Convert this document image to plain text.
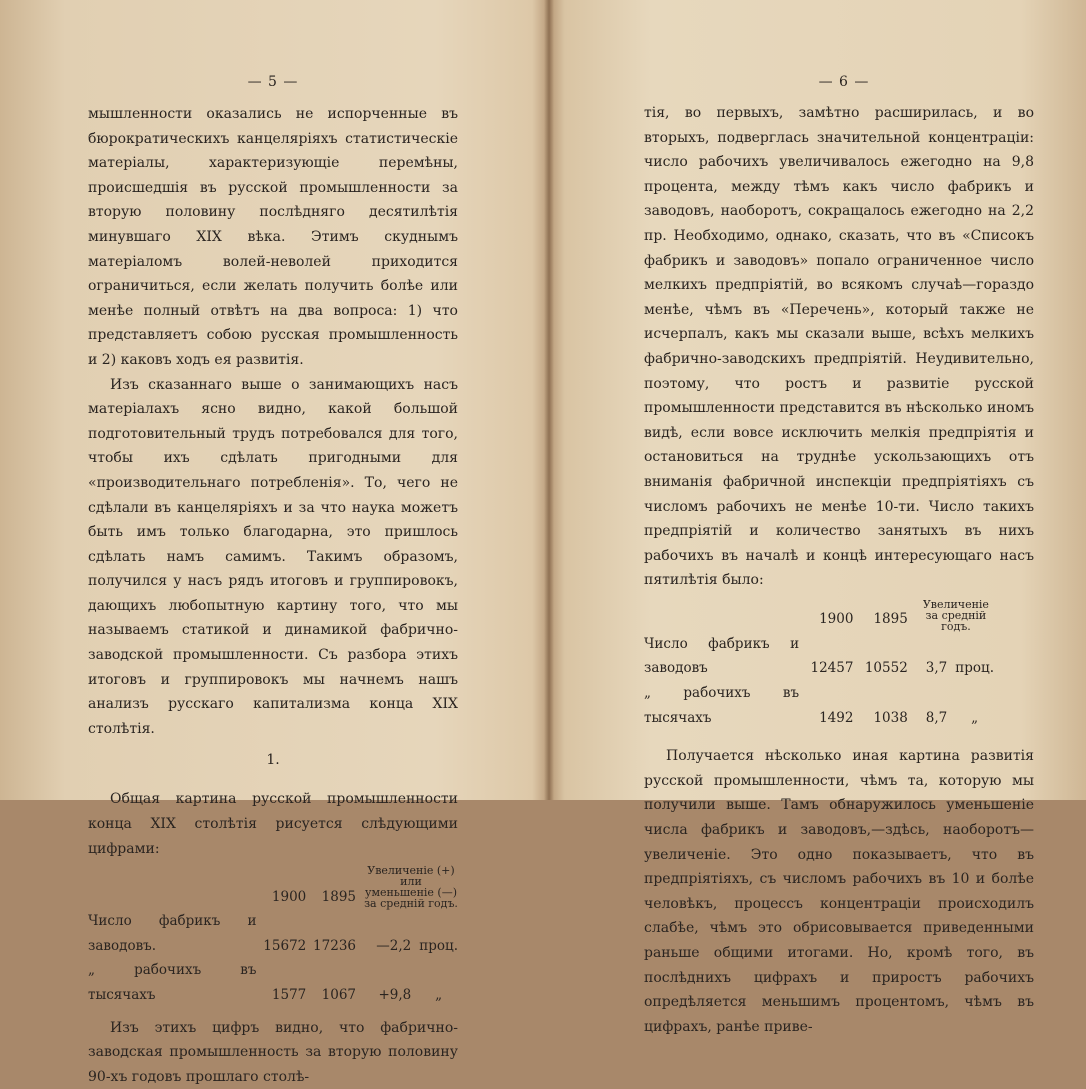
— 5 —

мышленности оказались не испорченные въ бюрократическихъ канцеляріяхъ статистическіе матеріалы, характеризующіе перемѣны, происшедшія въ русской промышленности за вторую половину послѣдняго десятилѣтія минувшаго XIX вѣка. Этимъ скуднымъ матеріаломъ волей-неволей приходится ограничиться, если желать получить болѣе или менѣе полный отвѣтъ на два вопроса: 1) что представляетъ собою русская промышленность и 2) каковъ ходъ ея развитія.

Изъ сказаннаго выше о занимающихъ насъ матеріалахъ ясно видно, какой большой подготовительный трудъ потребовался для того, чтобы ихъ сдѣлать пригодными для «производительнаго потребленія». То, чего не сдѣлали въ канцеляріяхъ и за что наука можетъ быть имъ только благодарна, это пришлось сдѣлать намъ самимъ. Такимъ образомъ, получился у насъ рядъ итоговъ и группировокъ, дающихъ любопытную картину того, что мы называемъ статикой и динамикой фабрично-заводской промышленности. Съ разбора этихъ итоговъ и группировокъ мы начнемъ нашъ анализъ русскаго капитализма конца XIX столѣтія.

1.

Общая картина русской промышленности конца XIX столѣтія рисуется слѣдующими цифрами:

	1900	1895	Увеличеніе (+) или уменьшеніе (—) за средній годъ.	
Число фабрикъ и заводовъ.	15672	17236	—2,2	проц.
„ рабочихъ въ тысячахъ	1577	1067	+9,8	„

Изъ этихъ цифръ видно, что фабрично-заводская промышленность за вторую половину 90-хъ годовъ прошлаго столѣ-

— 6 —

тія, во первыхъ, замѣтно расширилась, и во вторыхъ, подверглась значительной концентраціи: число рабочихъ увеличивалось ежегодно на 9,8 процента, между тѣмъ какъ число фабрикъ и заводовъ, наоборотъ, сокращалось ежегодно на 2,2 пр. Необходимо, однако, сказать, что въ «Списокъ фабрикъ и заводовъ» попало ограниченное число мелкихъ предпріятій, во всякомъ случаѣ—гораздо менѣе, чѣмъ въ «Перечень», который также не исчерпалъ, какъ мы сказали выше, всѣхъ мелкихъ фабрично-заводскихъ предпріятій. Неудивительно, поэтому, что ростъ и развитіе русской промышленности представится въ нѣсколько иномъ видѣ, если вовсе исключить мелкія предпріятія и остановиться на труднѣе ускользающихъ отъ вниманія фабричной инспекціи предпріятіяхъ съ числомъ рабочихъ не менѣе 10-ти. Число такихъ предпріятій и количество занятыхъ въ нихъ рабочихъ въ началѣ и концѣ интересующаго насъ пятилѣтія было:

	1900	1895	Увеличеніе за средній годъ.	
Число фабрикъ и заводовъ	12457	10552	3,7	проц.
„ рабочихъ въ тысячахъ	1492	1038	8,7	„

Получается нѣсколько иная картина развитія русской промышленности, чѣмъ та, которую мы получили выше. Тамъ обнаружилось уменьшеніе числа фабрикъ и заводовъ,—здѣсь, наоборотъ—увеличеніе. Это одно показываетъ, что въ предпріятіяхъ, съ числомъ рабочихъ въ 10 и болѣе человѣкъ, процессъ концентраціи происходилъ слабѣе, чѣмъ это обрисовывается приведенными раньше общими итогами. Но, кромѣ того, въ послѣднихъ цифрахъ и приростъ рабочихъ опредѣляется меньшимъ процентомъ, чѣмъ въ цифрахъ, ранѣе приве-
